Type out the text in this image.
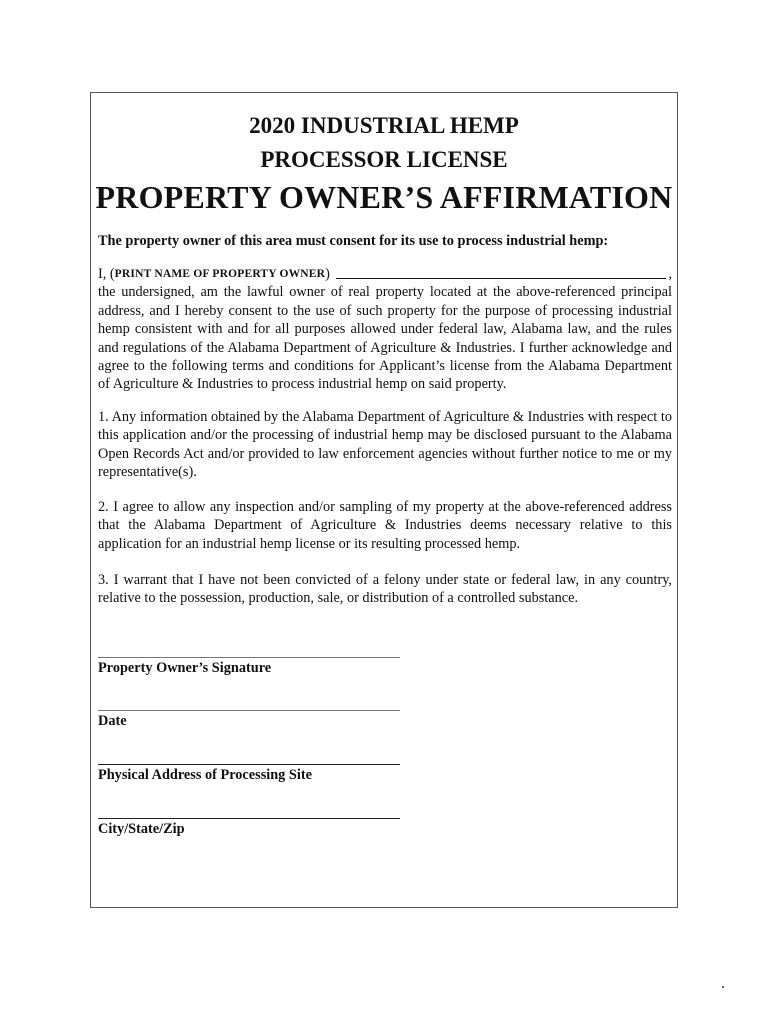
2020 INDUSTRIAL HEMP
PROCESSOR LICENSE
PROPERTY OWNER’S AFFIRMATION
The property owner of this area must consent for its use to process industrial hemp:
I, ( PRINT NAME OF PROPERTY OWNER )	,
the undersigned, am the lawful owner of real property located at the above-referenced principal address, and I hereby consent to the use of such property for the purpose of processing industrial hemp consistent with and for all purposes allowed under federal law, Alabama law, and the rules and regulations of the Alabama Department of Agriculture & Industries. I further acknowledge and agree to the following terms and conditions for Applicant’s license from the Alabama Department of Agriculture & Industries to process industrial hemp on said property.
1. Any information obtained by the Alabama Department of Agriculture & Industries with respect to this application and/or the processing of industrial hemp may be disclosed pursuant to the Alabama Open Records Act and/or provided to law enforcement agencies without further notice to me or my representative(s).
2. I agree to allow any inspection and/or sampling of my property at the above-referenced address that the Alabama Department of Agriculture & Industries deems necessary relative to this application for an industrial hemp license or its resulting processed hemp.
3. I warrant that I have not been convicted of a felony under state or federal law, in any country, relative to the possession, production, sale, or distribution of a controlled substance.
Property Owner’s Signature
Date
Physical Address of Processing Site
City/State/Zip
